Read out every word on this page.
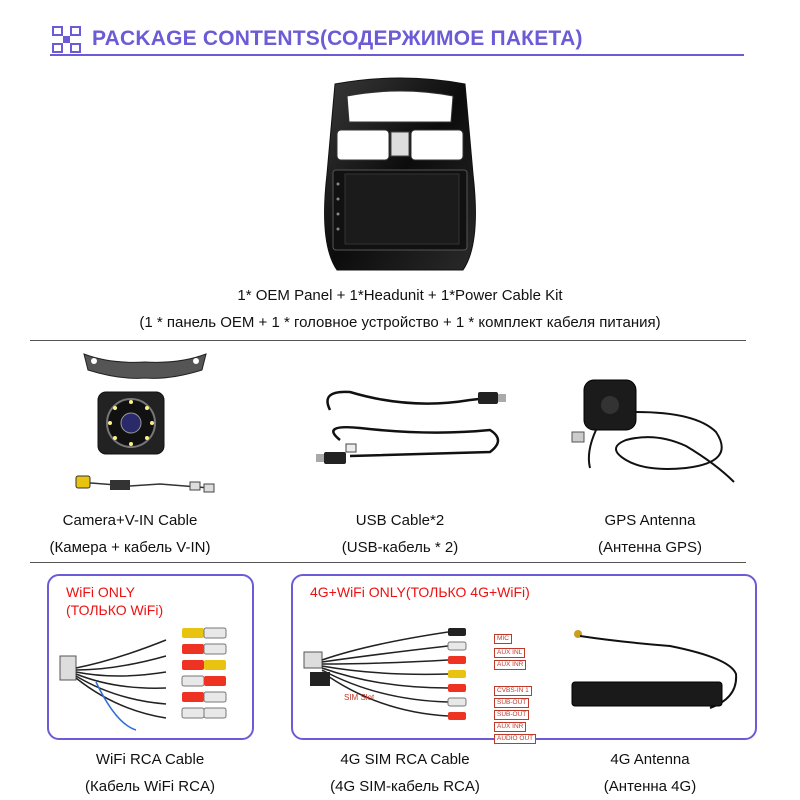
PACKAGE CONTENTS(СОДЕРЖИМОЕ ПАКЕТА)
1* OEM Panel + 1*Headunit + 1*Power Cable Kit
(1 * панель OEM + 1 * головное устройство + 1 * комплект кабеля питания)
Camera+V-IN Cable
(Камера + кабель V-IN)
USB Cable*2
(USB-кабель * 2)
GPS Antenna
(Антенна GPS)
WiFi ONLY
(ТОЛЬКО WiFi)
WiFi RCA Cable
(Кабель WiFi RCA)
4G+WiFi ONLY(ТОЛЬКО 4G+WiFi)
MIC
AUX INL
AUX INR
CVBS-IN 1
SUB-OUT
SUB-OUT
AUX INR
AUDIO OUT
SIM Slot
4G SIM RCA Cable
(4G SIM-кабель RCA)
4G Antenna
(Антенна 4G)
